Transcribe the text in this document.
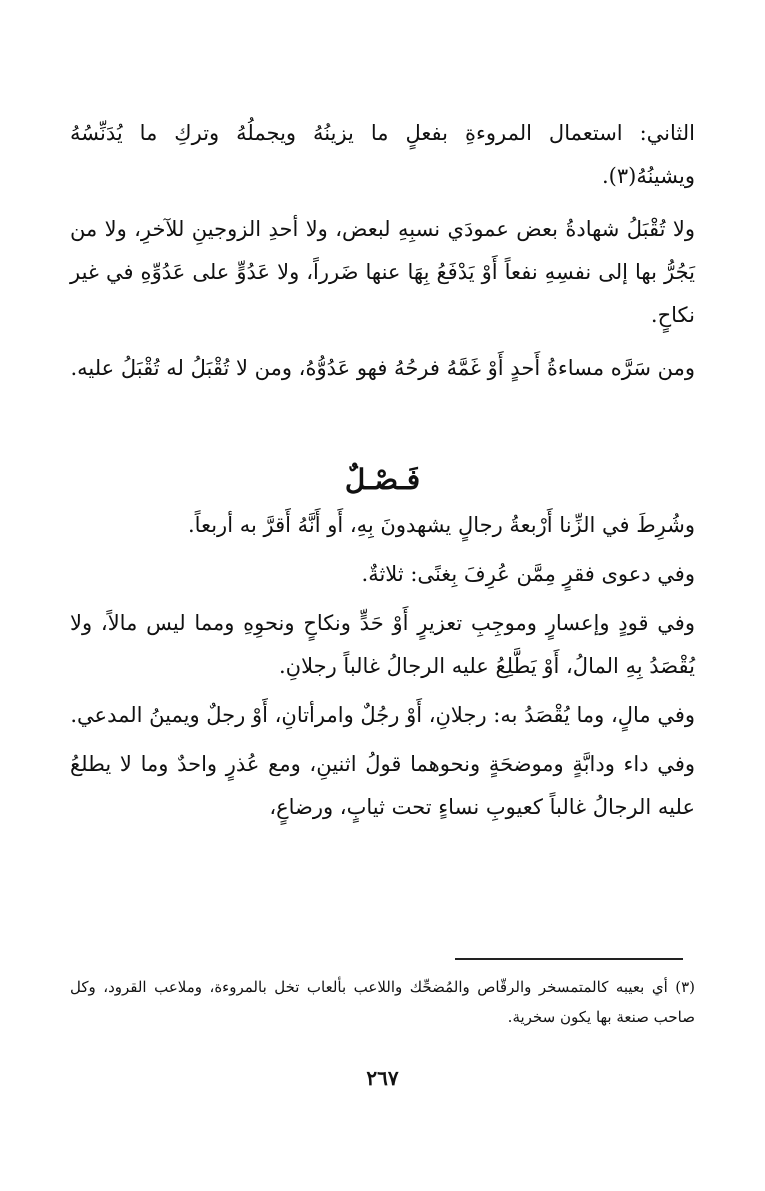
الثاني: استعمال المروءةِ بفعلٍ ما يزينُهُ ويجملُهُ وتركِ ما يُدَنِّسُهُ ويشينُهُ(٣).

ولا تُقْبَلُ شهادةُ بعض عمودَي نسبِهِ لبعض، ولا أحدِ الزوجينِ للآخرِ، ولا من يَجُرُّ بها إلى نفسِهِ نفعاً أَوْ يَدْفَعُ بِهَا عنها ضَرراً، ولا عَدُوٍّ على عَدُوِّهِ في غير نكاحٍ.

ومن سَرَّه مساءةُ أَحدٍ أَوْ غَمَّهُ فرحُهُ فهو عَدُوُّهُ، ومن لا تُقْبَلُ له تُقْبَلُ عليه.

فَـصْـلٌ

وشُرِطَ في الزِّنا أَرْبعةُ رجالٍ يشهدونَ بِهِ، أَو أَنَّهُ أَقرَّ به أربعاً.

وفي دعوى فقرٍ مِمَّن عُرِفَ بِغنًى: ثلاثةٌ.

وفي قودٍ وإعسارٍ وموجِبِ تعزيرٍ أَوْ حَدٍّ ونكاحٍ ونحوِهِ ومما ليس مالاً، ولا يُقْصَدُ بِهِ المالُ، أَوْ يَطَّلِعُ عليه الرجالُ غالباً رجلانِ.

وفي مالٍ، وما يُقْصَدُ به: رجلانِ، أَوْ رجُلٌ وامرأتانِ، أَوْ رجلٌ ويمينُ المدعي.

وفي داء ودابَّةٍ وموضحَةٍ ونحوهما قولُ اثنينِ، ومع عُذرٍ واحدٌ وما لا يطلعُ عليه الرجالُ غالباً كعيوبِ نساءٍ تحت ثيابٍ، ورضاعٍ،

(٣) أي بعيبه كالمتمسخر والرقّاص والمُضحِّك واللاعب بألعاب تخل بالمروءة، وملاعب القرود، وكل صاحب صنعة بها يكون سخرية.

٢٦٧
